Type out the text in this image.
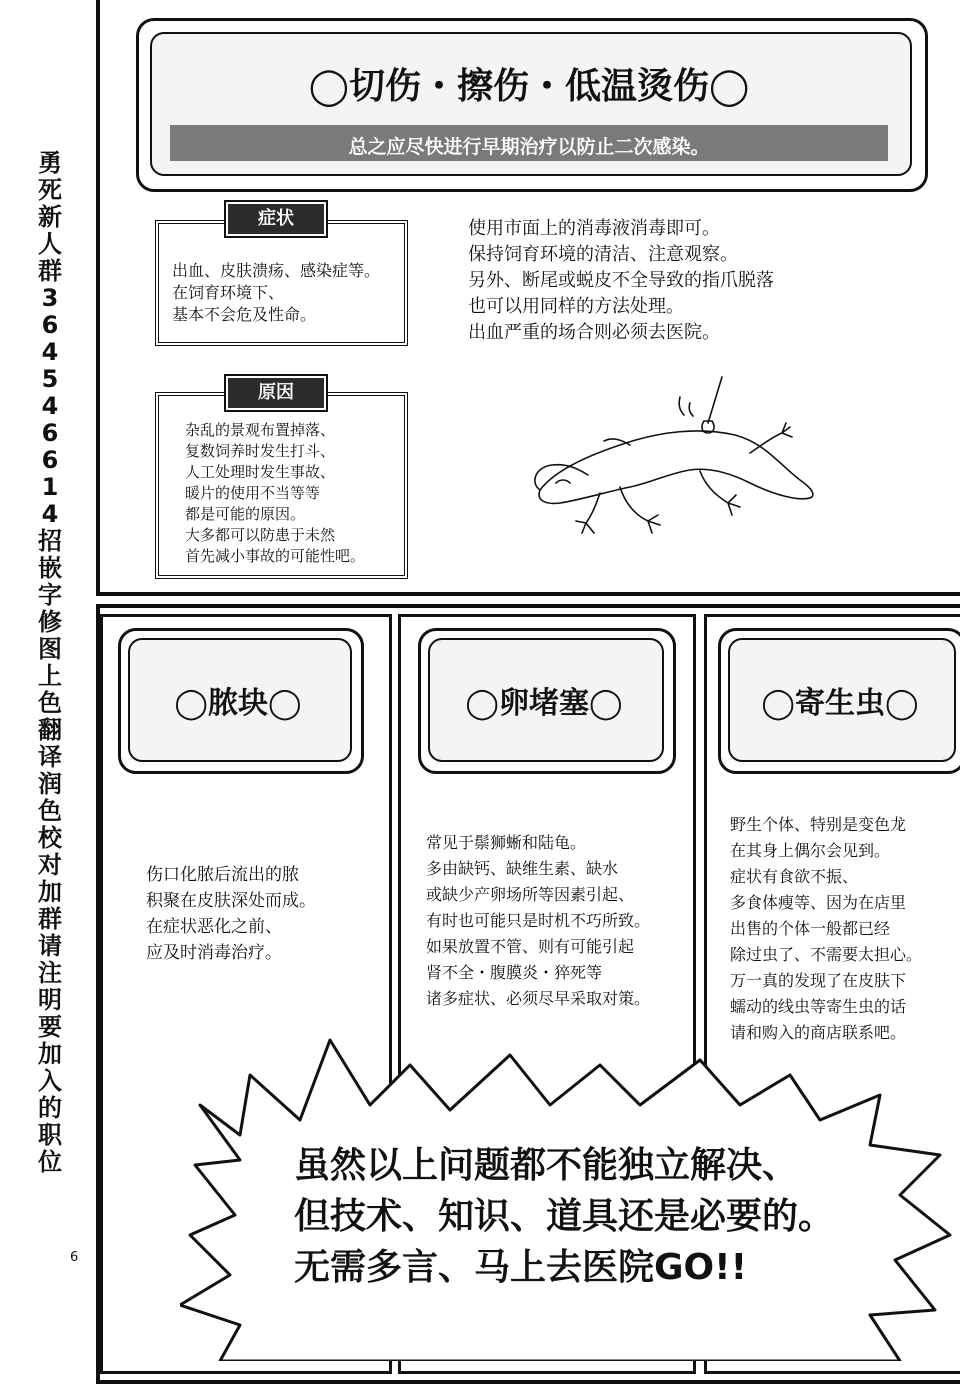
勇
死
新
人
群
3
6
4
5
4
6
6
1
4
招
嵌
字
修
图
上
色
翻
译
润
色
校
对
加
群
请
注
明
要
加
入
的
职
位
6
◯切伤・擦伤・低温烫伤◯
总之应尽快进行早期治疗以防止二次感染。
症状
出血、皮肤溃疡、感染症等。
在饲育环境下、
基本不会危及性命。
原因
杂乱的景观布置掉落、
复数饲养时发生打斗、
人工处理时发生事故、
暖片的使用不当等等
都是可能的原因。
大多都可以防患于未然
首先减小事故的可能性吧。
使用市面上的消毒液消毒即可。
保持饲育环境的清洁、注意观察。
另外、断尾或蜕皮不全导致的指爪脱落
也可以用同样的方法处理。
出血严重的场合则必须去医院。
◯脓块◯
伤口化脓后流出的脓
积聚在皮肤深处而成。
在症状恶化之前、
应及时消毒治疗。
◯卵堵塞◯
常见于鬃狮蜥和陆龟。
多由缺钙、缺维生素、缺水
或缺少产卵场所等因素引起、
有时也可能只是时机不巧所致。
如果放置不管、则有可能引起
肾不全・腹膜炎・猝死等
诸多症状、必须尽早采取对策。
◯寄生虫◯
野生个体、特别是变色龙
在其身上偶尔会见到。
症状有食欲不振、
多食体瘦等、因为在店里
出售的个体一般都已经
除过虫了、不需要太担心。
万一真的发现了在皮肤下
蠕动的线虫等寄生虫的话
请和购入的商店联系吧。
虽然以上问题都不能独立解决、
但技术、知识、道具还是必要的。
无需多言、马上去医院GO!!
